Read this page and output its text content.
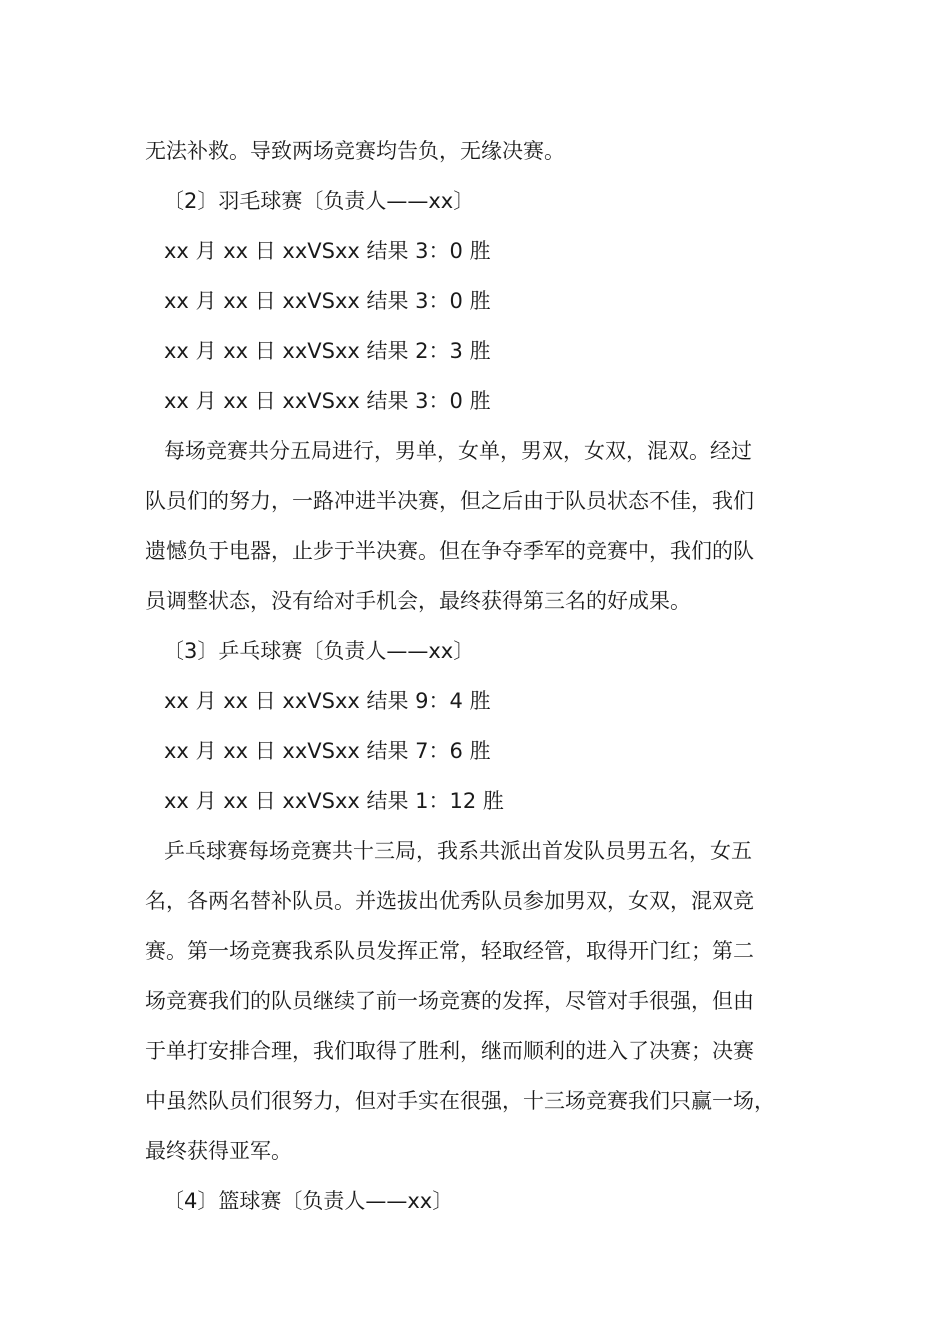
无法补救。导致两场竞赛均告负，无缘决赛。
〔2〕羽毛球赛〔负责人——xx〕
xx 月 xx 日 xxVSxx 结果 3：0 胜
xx 月 xx 日 xxVSxx 结果 3：0 胜
xx 月 xx 日 xxVSxx 结果 2：3 胜
xx 月 xx 日 xxVSxx 结果 3：0 胜
每场竞赛共分五局进行，男单，女单，男双，女双，混双。经过
队员们的努力，一路冲进半决赛，但之后由于队员状态不佳，我们
遗憾负于电器，止步于半决赛。但在争夺季军的竞赛中，我们的队
员调整状态，没有给对手机会，最终获得第三名的好成果。
〔3〕乒乓球赛〔负责人——xx〕
xx 月 xx 日 xxVSxx 结果 9：4 胜
xx 月 xx 日 xxVSxx 结果 7：6 胜
xx 月 xx 日 xxVSxx 结果 1：12 胜
乒乓球赛每场竞赛共十三局，我系共派出首发队员男五名，女五
名，各两名替补队员。并选拔出优秀队员参加男双，女双，混双竞
赛。第一场竞赛我系队员发挥正常，轻取经管，取得开门红；第二
场竞赛我们的队员继续了前一场竞赛的发挥，尽管对手很强，但由
于单打安排合理，我们取得了胜利，继而顺利的进入了决赛；决赛
中虽然队员们很努力，但对手实在很强，十三场竞赛我们只赢一场，
最终获得亚军。
〔4〕篮球赛〔负责人——xx〕
